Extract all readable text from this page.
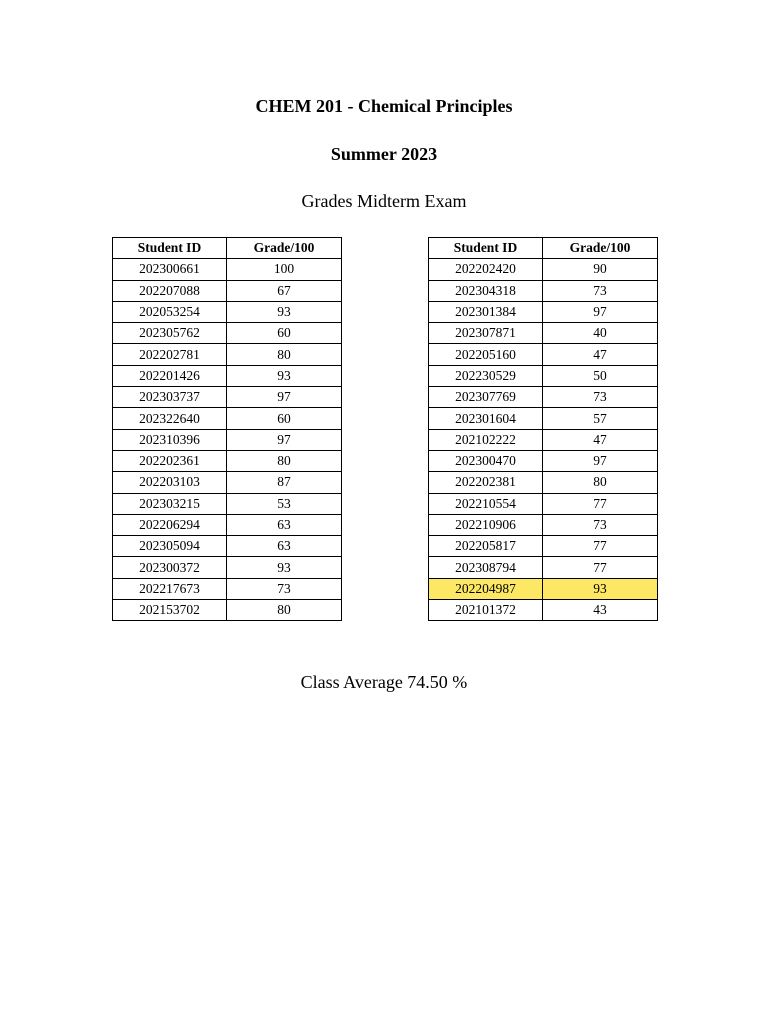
CHEM 201 - Chemical Principles
Summer 2023
Grades Midterm Exam
Student ID	Grade/100
202300661	100
202207088	67
202053254	93
202305762	60
202202781	80
202201426	93
202303737	97
202322640	60
202310396	97
202202361	80
202203103	87
202303215	53
202206294	63
202305094	63
202300372	93
202217673	73
202153702	80
Student ID	Grade/100
202202420	90
202304318	73
202301384	97
202307871	40
202205160	47
202230529	50
202307769	73
202301604	57
202102222	47
202300470	97
202202381	80
202210554	77
202210906	73
202205817	77
202308794	77
202204987	93
202101372	43
Class Average 74.50 %
